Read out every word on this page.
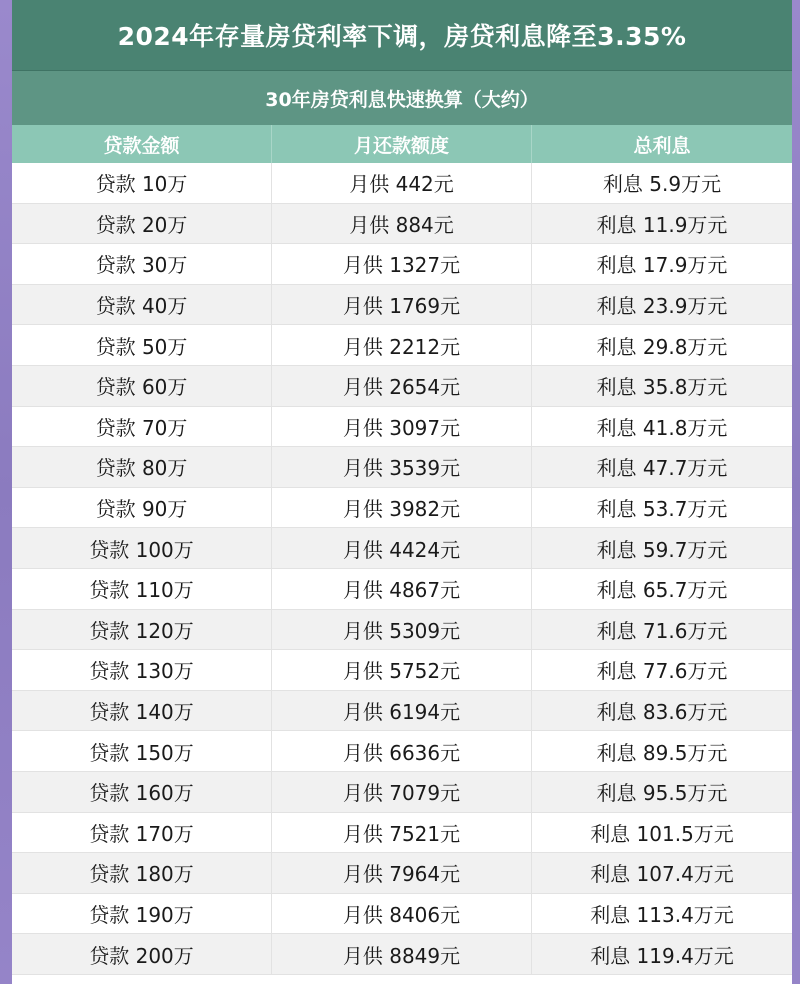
2024年存量房贷利率下调，房贷利息降至3.35%
30年房贷利息快速换算（大约）
贷款金额	月还款额度	总利息
贷款 10万	月供 442元	利息 5.9万元
贷款 20万	月供 884元	利息 11.9万元
贷款 30万	月供 1327元	利息 17.9万元
贷款 40万	月供 1769元	利息 23.9万元
贷款 50万	月供 2212元	利息 29.8万元
贷款 60万	月供 2654元	利息 35.8万元
贷款 70万	月供 3097元	利息 41.8万元
贷款 80万	月供 3539元	利息 47.7万元
贷款 90万	月供 3982元	利息 53.7万元
贷款 100万	月供 4424元	利息 59.7万元
贷款 110万	月供 4867元	利息 65.7万元
贷款 120万	月供 5309元	利息 71.6万元
贷款 130万	月供 5752元	利息 77.6万元
贷款 140万	月供 6194元	利息 83.6万元
贷款 150万	月供 6636元	利息 89.5万元
贷款 160万	月供 7079元	利息 95.5万元
贷款 170万	月供 7521元	利息 101.5万元
贷款 180万	月供 7964元	利息 107.4万元
贷款 190万	月供 8406元	利息 113.4万元
贷款 200万	月供 8849元	利息 119.4万元
